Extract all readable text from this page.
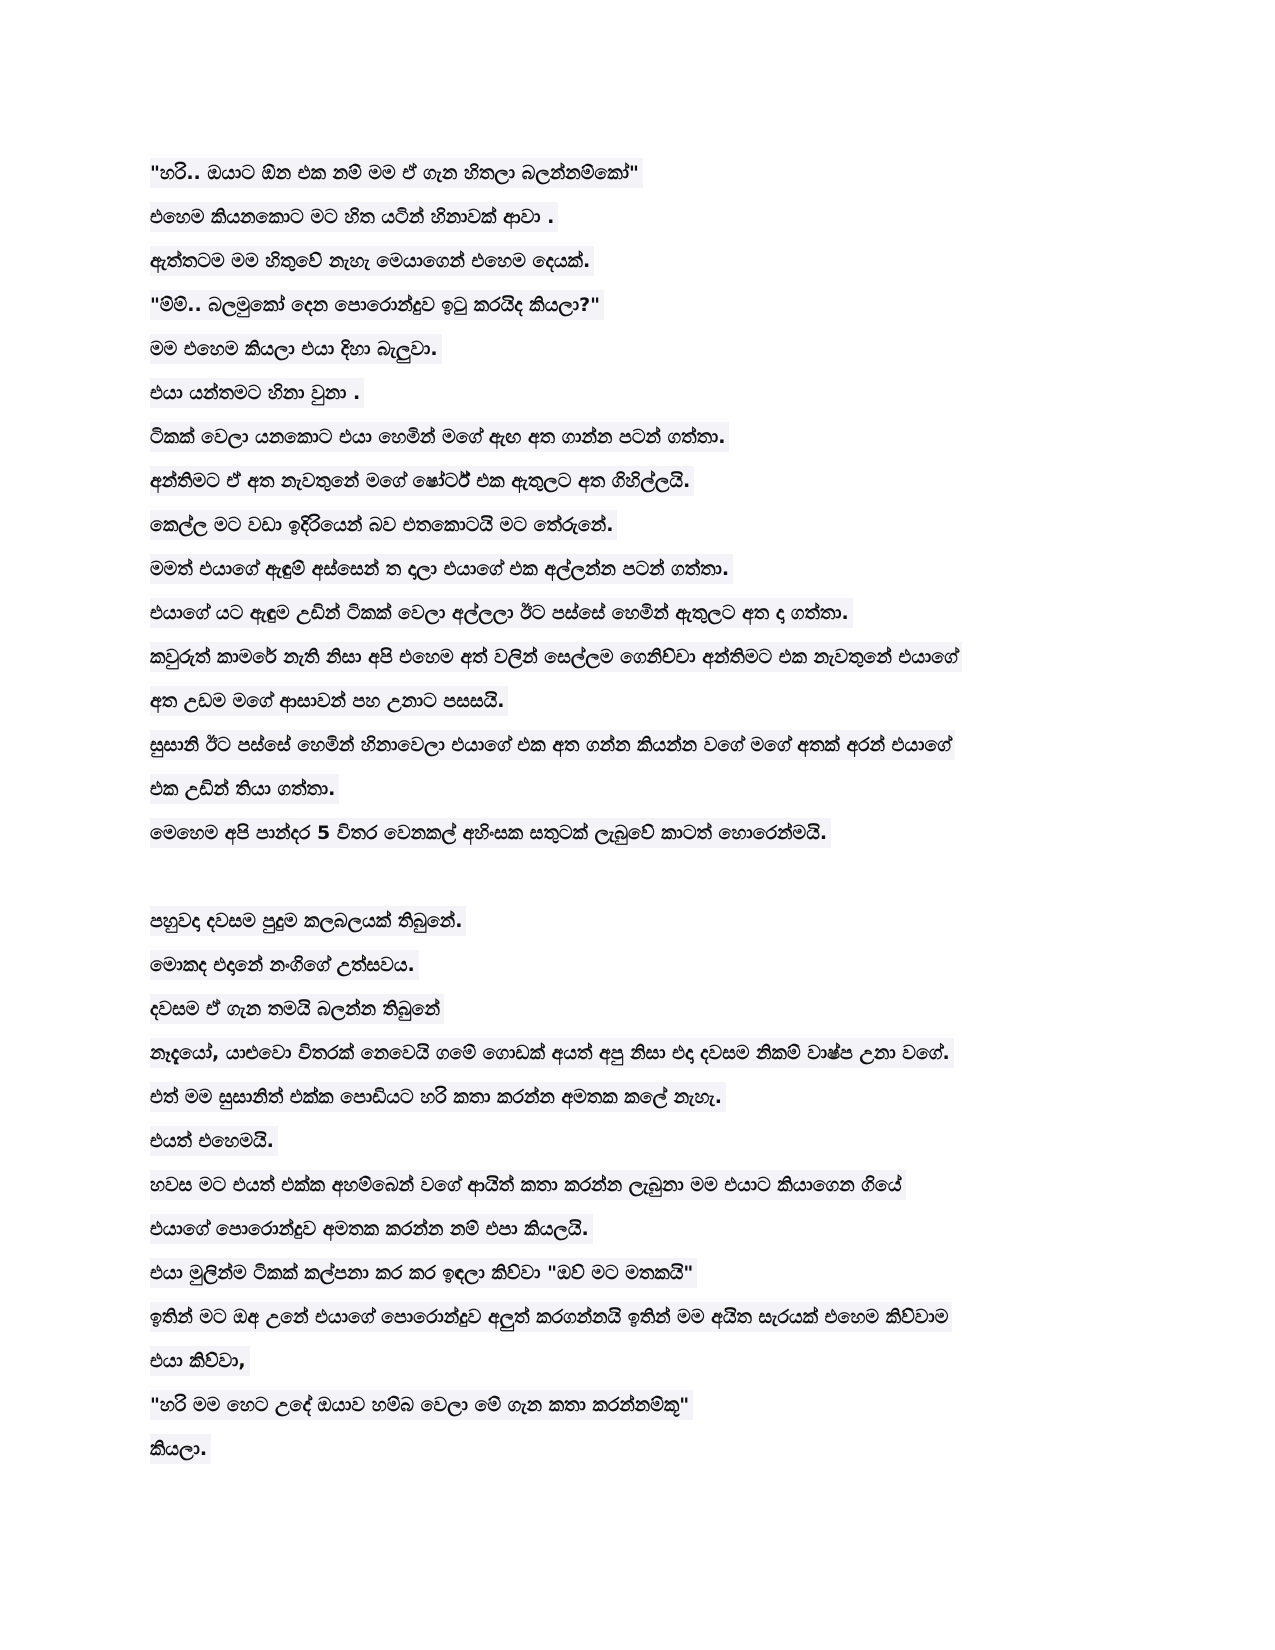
"හරි.. ඔයාට ඕන එක නම් මම ඒ ගැන හිතලා බලන්නම්කෝ"
එහෙම කියනකොට මට හිත යටින් හිනාවක් ආවා .
ඇත්තටම මම හිතුවේ නැහැ මෙයාගෙන් එහෙම දෙයක්.
"ම්ම්.. බලමුකෝ දෙන පොරොන්දුව ඉටු කරයිද කියලා?"
මම එහෙම කියලා එයා දිහා බැලුවා.
එයා යන්තමට හිනා වුනා .
ටිකක් වෙලා යනකොට එයා හෙමින් මගේ ඇඟ අත ගාන්න පටන් ගත්තා.
අන්තිමට ඒ අත නැවතුනේ මගේ ෂෝර්ට් එක ඇතුලට අත ගිහිල්ලයි.
කෙල්ල මට වඩා ඉදිරියෙන් බව එතකොටයි මට තේරුනේ.
මමත් එයාගේ ඇඳුම් අස්සෙන් ත දාලා එයාගේ එක අල්ලන්න පටන් ගත්තා.
එයාගේ යට ඇඳුම උඩින් ටිකක් වෙලා අල්ලලා ඊට පස්සේ හෙමින් ඇතුලට අත දා ගත්තා.
කවුරුත් කාමරේ නැති නිසා අපි එහෙම අත් වලින් සෙල්ලම ගෙනිච්චා අන්තිමට එක නැවතුනේ එයාගේ
අත උඩම මගේ ආසාවන් පහ උනාට පසසයි.
සුසානි ඊට පස්සේ හෙමින් හිනාවෙලා එයාගේ එක අත ගන්න කියන්න වගේ මගේ අතක් අරන් එයාගේ
එක උඩින් තියා ගත්තා.
මෙහෙම අපි පාන්දර 5 විතර වෙනකල් අහිංසක සතුටක් ලැබුවේ කාටත් හොරෙන්මයි.
පහුවදා දවසම පුදුම කලබලයක් තිබුනේ.
මොකද එදානේ නංගිගේ උත්සවය.
දවසම ඒ ගැන තමයි බලන්න තිබුනේ
නෑදැයෝ, යාළුවො විතරක් නෙවෙයි ගමේ ගොඩක් අයත් අපු නිසා එදා දවසම නිකම් වාෂ්ප උනා වගේ.
එත් මම සුසානිත් එක්ක පොඩියට හරි කතා කරන්න අමතක කලේ නැහැ.
එයත් එහෙමයි.
හවස මට එයත් එක්ක අහම්බෙන් වගේ ආයිත් කතා කරන්න ලැබුනා මම එයාට කියාගෙන ගියේ
එයාගේ පොරොන්දුව අමතක කරන්න නම් එපා කියලයි.
එයා මුලින්ම ටිකක් කල්පනා කර කර ඉඳලා කිව්වා "ඔව් මට මතකයි"
ඉතින් මට ඔඅ උනේ එයාගේ පොරොන්දුව අලුත් කරගන්නයි ඉතින් මම අයිත සැරයක් එහෙම කිව්වාම
එයා කිව්වා,
"හරි මම හෙට උදේ ඔයාව හම්බ වෙලා මේ ගැන කතා කරන්නම්කූ"
කියලා.
